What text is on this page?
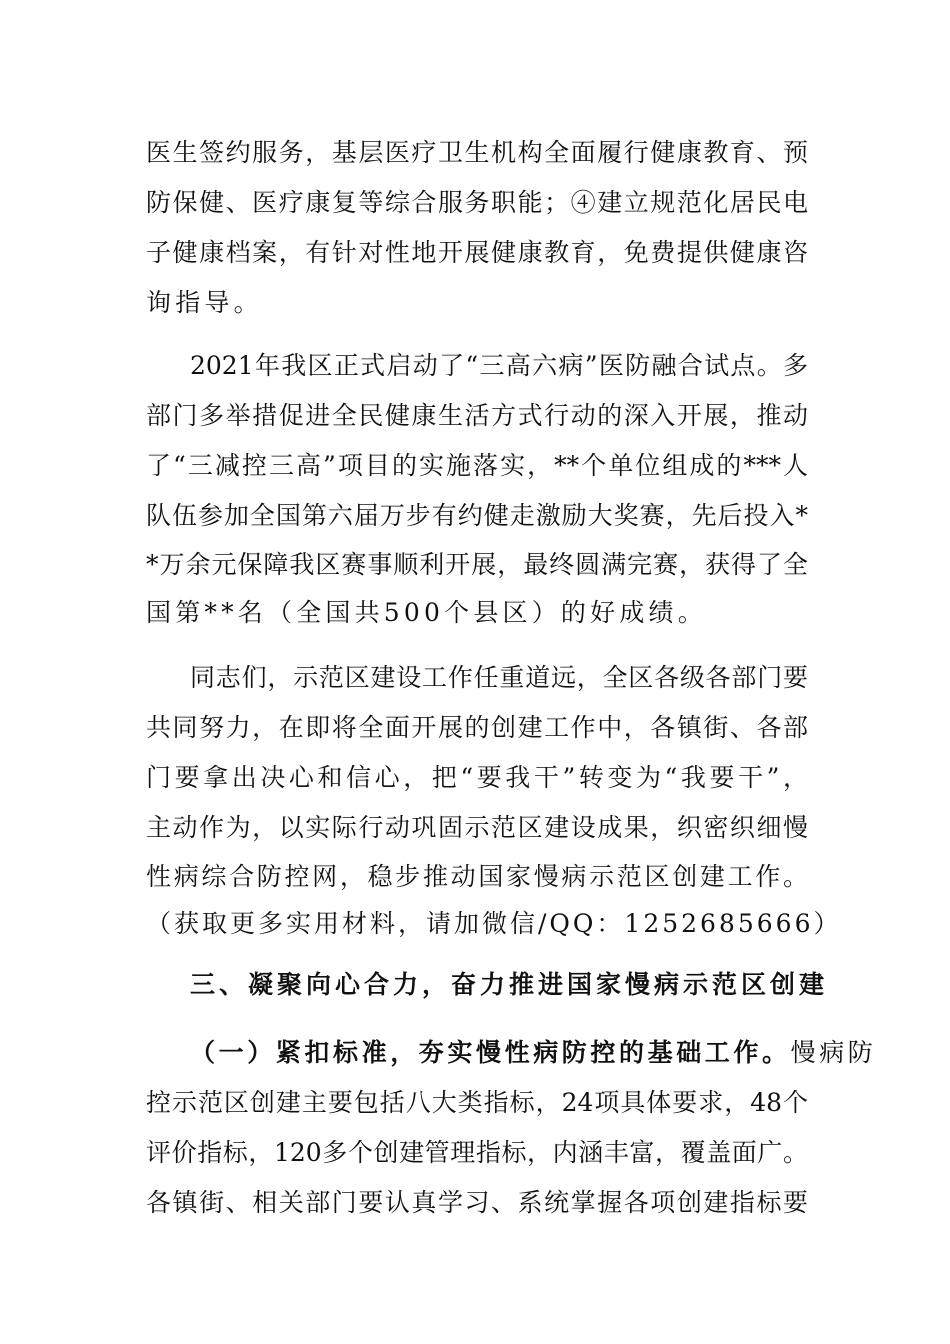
医生签约服务，基层医疗卫生机构全面履行健康教育、预
防保健、医疗康复等综合服务职能；④建立规范化居民电
子健康档案，有针对性地开展健康教育，免费提供健康咨
询指导。
2021年我区正式启动了“三高六病”医防融合试点。多
部门多举措促进全民健康生活方式行动的深入开展，推动
了“三减控三高”项目的实施落实，**个单位组成的***人
队伍参加全国第六届万步有约健走激励大奖赛，先后投入*
*万余元保障我区赛事顺利开展，最终圆满完赛，获得了全
国第**名（全国共500个县区）的好成绩。
同志们，示范区建设工作任重道远，全区各级各部门要
共同努力，在即将全面开展的创建工作中，各镇街、各部
门要拿出决心和信心，把“要我干”转变为“我要干”，
主动作为，以实际行动巩固示范区建设成果，织密织细慢
性病综合防控网，稳步推动国家慢病示范区创建工作。
（获取更多实用材料，请加微信/QQ：1252685666）
三、凝聚向心合力，奋力推进国家慢病示范区创建
（一）紧扣标准，夯实慢性病防控的基础工作。慢病防
控示范区创建主要包括八大类指标，24项具体要求，48个
评价指标，120多个创建管理指标，内涵丰富，覆盖面广。
各镇街、相关部门要认真学习、系统掌握各项创建指标要
